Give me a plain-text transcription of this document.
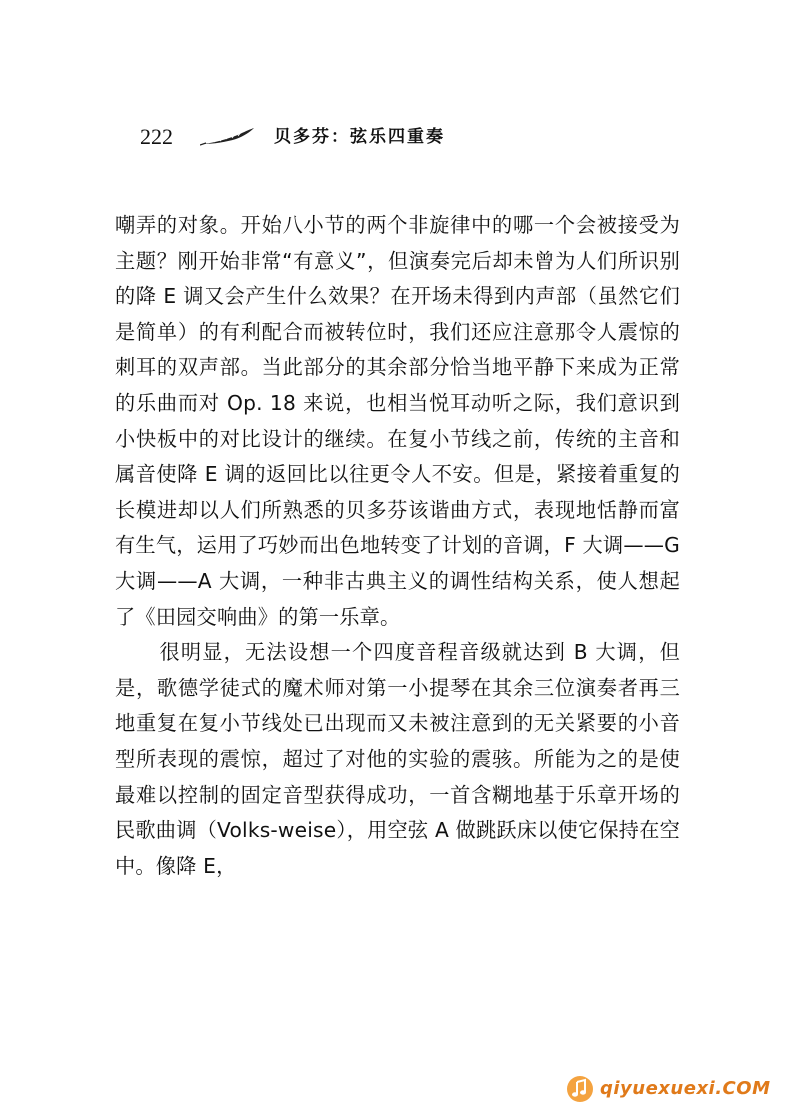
222	贝多芬：弦乐四重奏

嘲弄的对象。开始八小节的两个非旋律中的哪一个会被接受为主题？刚开始非常“有意义”，但演奏完后却未曾为人们所识别的降 E 调又会产生什么效果？在开场未得到内声部（虽然它们是简单）的有利配合而被转位时，我们还应注意那令人震惊的刺耳的双声部。当此部分的其余部分恰当地平静下来成为正常的乐曲而对 Op. 18 来说，也相当悦耳动听之际，我们意识到小快板中的对比设计的继续。在复小节线之前，传统的主音和属音使降 E 调的返回比以往更令人不安。但是，紧接着重复的长模进却以人们所熟悉的贝多芬该谐曲方式，表现地恬静而富有生气，运用了巧妙而出色地转变了计划的音调，F 大调——G 大调——A 大调，一种非古典主义的调性结构关系，使人想起了《田园交响曲》的第一乐章。

很明显，无法设想一个四度音程音级就达到 B 大调，但是，歌德学徒式的魔术师对第一小提琴在其余三位演奏者再三地重复在复小节线处已出现而又未被注意到的无关紧要的小音型所表现的震惊，超过了对他的实验的震骇。所能为之的是使最难以控制的固定音型获得成功，一首含糊地基于乐章开场的民歌曲调（Volks-weise），用空弦 A 做跳跃床以使它保持在空中。像降 E，

qiyuexuexi.COM
